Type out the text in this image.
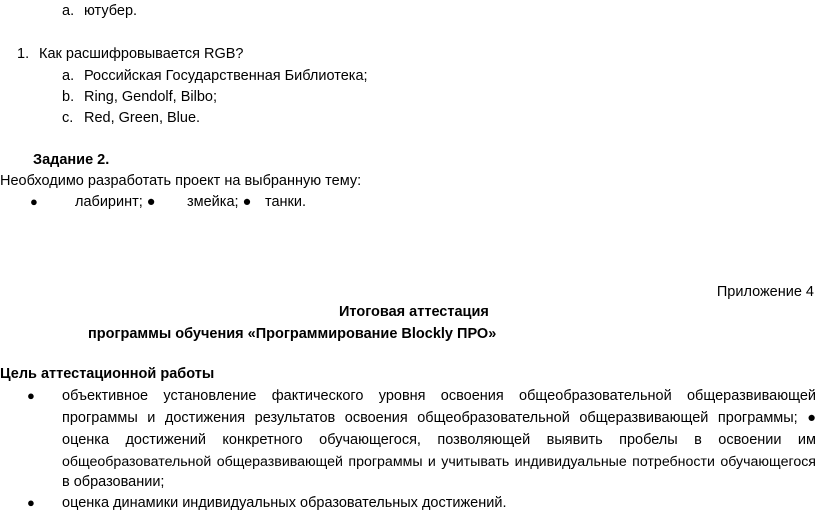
a. ютубер.
1. Как расшифровывается RGB?
a. Российская Государственная Библиотека;
b. Ring, Gendolf, Bilbo;
c. Red, Green, Blue.
Задание 2.
Необходимо разработать проект на выбранную тему:
●	лабиринт; ● змейка; ● танки.
Приложение 4
Итоговая аттестация
программы обучения «Программирование Blockly ПРО»
Цель аттестационной работы
● объективное установление фактического уровня освоения общеобразовательной общеразвивающей
программы и достижения результатов освоения общеобразовательной общеразвивающей программы; ●
оценка достижений конкретного обучающегося, позволяющей выявить пробелы в освоении им
общеобразовательной общеразвивающей программы и учитывать индивидуальные потребности обучающегося
в образовании;
● оценка динамики индивидуальных образовательных достижений.
